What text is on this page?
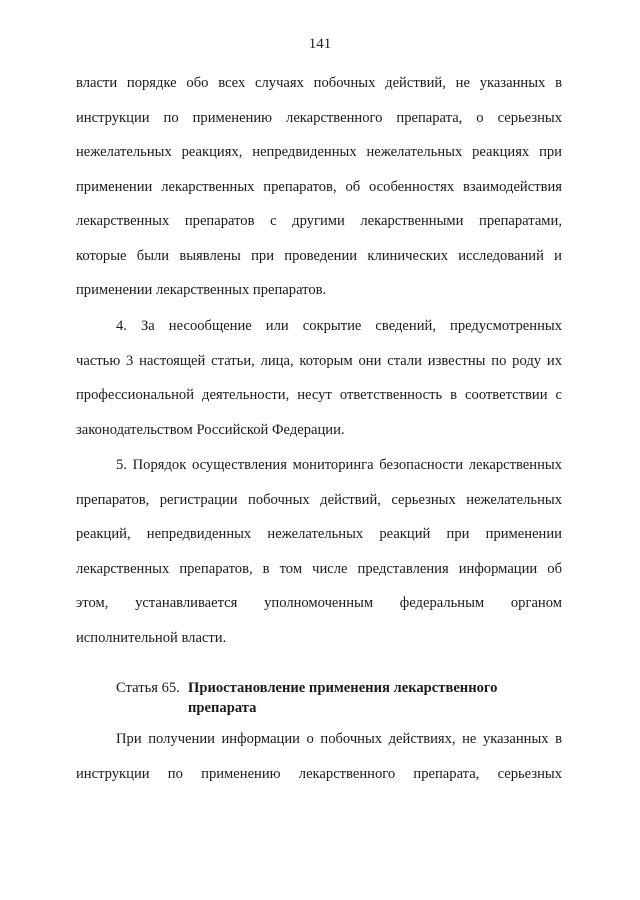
141
власти порядке обо всех случаях побочных действий, не указанных в
инструкции по применению лекарственного препарата, о серьезных
нежелательных реакциях, непредвиденных нежелательных реакциях при
применении лекарственных препаратов, об особенностях взаимодействия
лекарственных препаратов с другими лекарственными препаратами,
которые были выявлены при проведении клинических исследований и
применении лекарственных препаратов.
4. За несообщение или сокрытие сведений, предусмотренных
частью 3 настоящей статьи, лица, которым они стали известны по роду их
профессиональной деятельности, несут ответственность в соответствии с
законодательством Российской Федерации.
5. Порядок осуществления мониторинга безопасности лекарственных
препаратов, регистрации побочных действий, серьезных нежелательных
реакций, непредвиденных нежелательных реакций при применении
лекарственных препаратов, в том числе представления информации об
этом, устанавливается уполномоченным федеральным органом
исполнительной власти.
Статья 65. Приостановление применения лекарственного
препарата
При получении информации о побочных действиях, не указанных в
инструкции по применению лекарственного препарата, серьезных
